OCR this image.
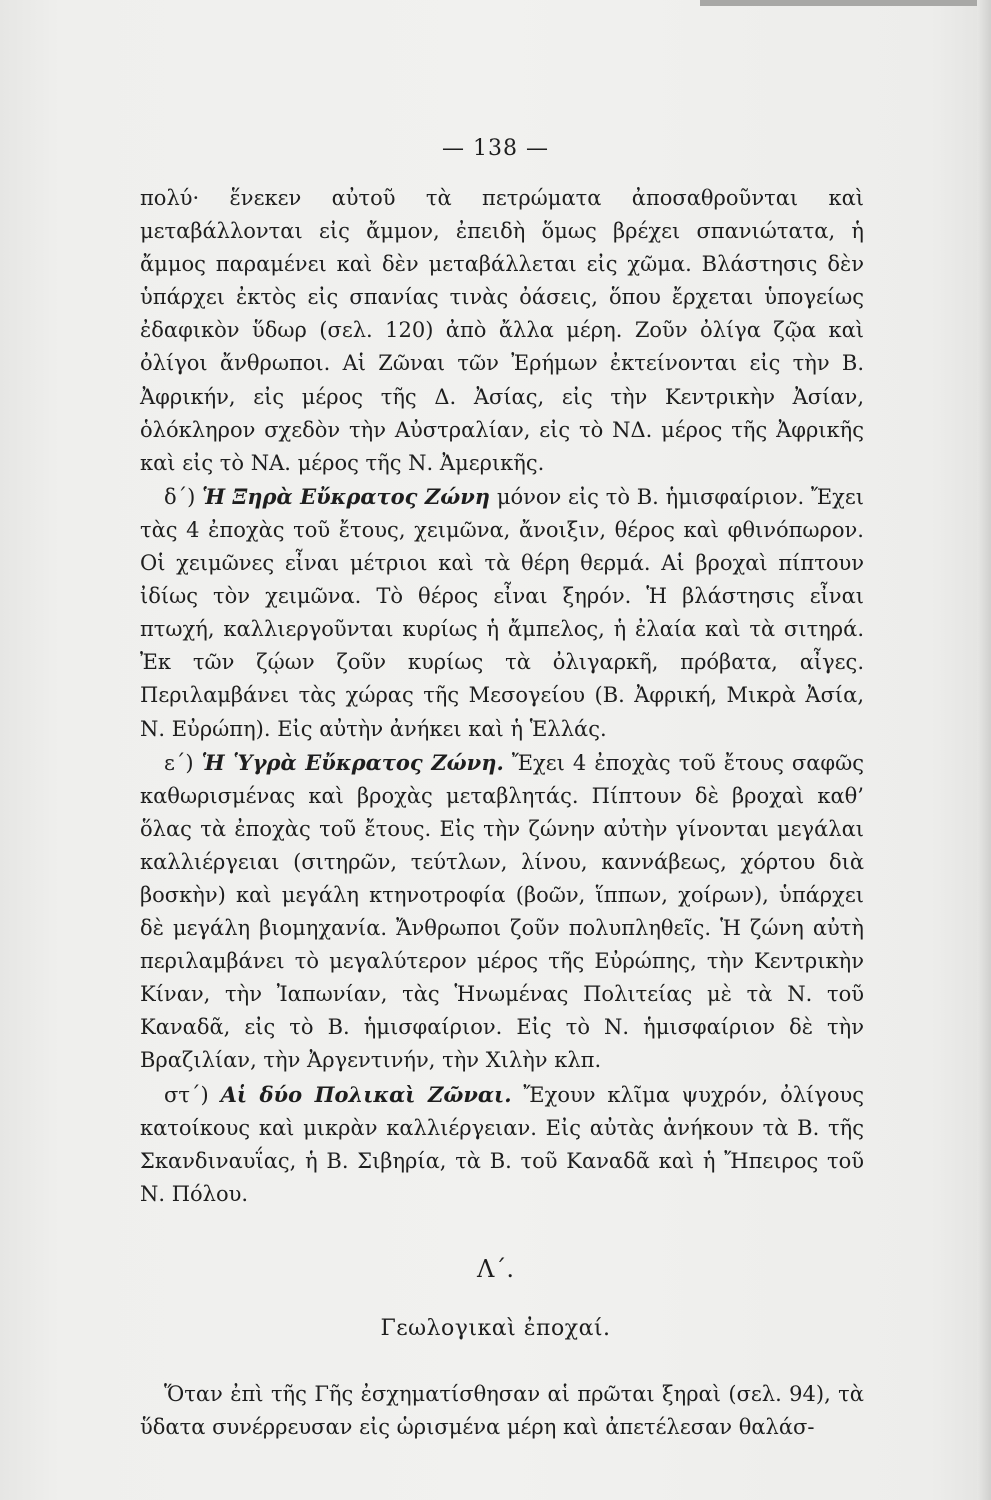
— 138 —

πολύ· ἕνεκεν αὐτοῦ τὰ πετρώματα ἀποσαθροῦνται καὶ μεταβάλλονται εἰς ἄμμον, ἐπειδὴ ὅμως βρέχει σπανιώτατα, ἡ ἄμμος παραμένει καὶ δὲν μεταβάλλεται εἰς χῶμα. Βλάστησις δὲν ὑπάρχει ἐκτὸς εἰς σπανίας τινὰς ὀάσεις, ὅπου ἔρχεται ὑπογείως ἐδαφικὸν ὕδωρ (σελ. 120) ἀπὸ ἄλλα μέρη. Ζοῦν ὀλίγα ζῷα καὶ ὀλίγοι ἄνθρωποι. Αἱ Ζῶναι τῶν Ἐρήμων ἐκτείνονται εἰς τὴν Β. Ἀφρικήν, εἰς μέρος τῆς Δ. Ἀσίας, εἰς τὴν Κεντρικὴν Ἀσίαν, ὁλόκληρον σχεδὸν τὴν Αὐστραλίαν, εἰς τὸ ΝΔ. μέρος τῆς Ἀφρικῆς καὶ εἰς τὸ ΝΑ. μέρος τῆς Ν. Ἀμερικῆς.

δ΄) Ἡ Ξηρὰ Εὔκρατος Ζώνη μόνον εἰς τὸ Β. ἡμισφαίριον. Ἔχει τὰς 4 ἐποχὰς τοῦ ἔτους, χειμῶνα, ἄνοιξιν, θέρος καὶ φθινόπωρον. Οἱ χειμῶνες εἶναι μέτριοι καὶ τὰ θέρη θερμά. Αἱ βροχαὶ πίπτουν ἰδίως τὸν χειμῶνα. Τὸ θέρος εἶναι ξηρόν. Ἡ βλάστησις εἶναι πτωχή, καλλιεργοῦνται κυρίως ἡ ἄμπελος, ἡ ἐλαία καὶ τὰ σιτηρά. Ἐκ τῶν ζῴων ζοῦν κυρίως τὰ ὀλιγαρκῆ, πρόβατα, αἶγες. Περιλαμβάνει τὰς χώρας τῆς Μεσογείου (Β. Ἀφρική, Μικρὰ Ἀσία, Ν. Εὐρώπη). Εἰς αὐτὴν ἀνήκει καὶ ἡ Ἑλλάς.

ε΄) Ἡ Ὑγρὰ Εὔκρατος Ζώνη. Ἔχει 4 ἐποχὰς τοῦ ἔτους σαφῶς καθωρισμένας καὶ βροχὰς μεταβλητάς. Πίπτουν δὲ βροχαὶ καθ’ ὅλας τὰ ἐποχὰς τοῦ ἔτους. Εἰς τὴν ζώνην αὐτὴν γίνονται μεγάλαι καλλιέργειαι (σιτηρῶν, τεύτλων, λίνου, καννάβεως, χόρτου διὰ βοσκὴν) καὶ μεγάλη κτηνοτροφία (βοῶν, ἵππων, χοίρων), ὑπάρχει δὲ μεγάλη βιομηχανία. Ἄνθρωποι ζοῦν πολυπληθεῖς. Ἡ ζώνη αὐτὴ περιλαμβάνει τὸ μεγαλύτερον μέρος τῆς Εὐρώπης, τὴν Κεντρικὴν Κίναν, τὴν Ἰαπωνίαν, τὰς Ἡνωμένας Πολιτείας μὲ τὰ Ν. τοῦ Καναδᾶ, εἰς τὸ Β. ἡμισφαίριον. Εἰς τὸ Ν. ἡμισφαίριον δὲ τὴν Βραζιλίαν, τὴν Ἀργεντινήν, τὴν Χιλὴν κλπ.

στ΄) Αἱ δύο Πολικαὶ Ζῶναι. Ἔχουν κλῖμα ψυχρόν, ὀλίγους κατοίκους καὶ μικρὰν καλλιέργειαν. Εἰς αὐτὰς ἀνήκουν τὰ Β. τῆς Σκανδιναυΐας, ἡ Β. Σιβηρία, τὰ Β. τοῦ Καναδᾶ καὶ ἡ Ἤπειρος τοῦ Ν. Πόλου.

Λ΄.
Γεωλογικαὶ ἐποχαί.

Ὅταν ἐπὶ τῆς Γῆς ἐσχηματίσθησαν αἱ πρῶται ξηραὶ (σελ. 94), τὰ ὕδατα συνέρρευσαν εἰς ὡρισμένα μέρη καὶ ἀπετέλεσαν θαλάσ-
